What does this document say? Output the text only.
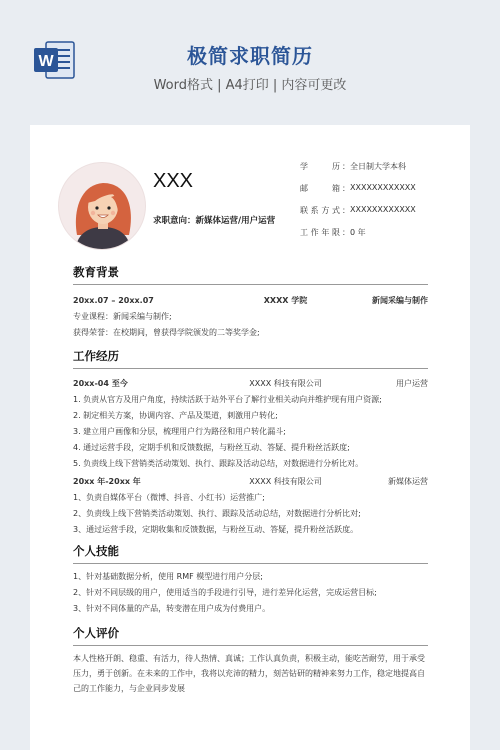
W	极简求职简历
Word格式 | A4打印 | 内容可更改
XXX
求职意向：新媒体运营/用户运营
学历 ： 全日制大学本科
邮箱 ： XXXXXXXXXXXX
联系方式 ： XXXXXXXXXXXX
工作年限 ： 0 年
教育背景
20xx.07 – 20xx.07	XXXX 学院	新闻采编与制作
专业课程：新闻采编与制作;
获得荣誉：在校期间，曾获得学院颁发的二等奖学金;
工作经历
20xx-04 至今	XXXX 科技有限公司	用户运营
1. 负责从官方及用户角度，持续活跃于站外平台了解行业相关动向并维护现有用户资源;
2. 制定相关方案，协调内容、产品及渠道，刺激用户转化;
3. 建立用户画像和分层，梳理用户行为路径和用户转化漏斗;
4. 通过运营手段，定期手机和反馈数据，与粉丝互动、答疑、提升粉丝活跃度;
5. 负责线上线下营销类活动策划、执行、跟踪及活动总结，对数据进行分析比对。
20xx 年-20xx 年	XXXX 科技有限公司	新媒体运营
1、负责自媒体平台（微博、抖音、小红书）运营推广;
2、负责线上线下营销类活动策划、执行、跟踪及活动总结，对数据进行分析比对;
3、通过运营手段，定期收集和反馈数据，与粉丝互动、答疑，提升粉丝活跃度。
个人技能
1、针对基础数据分析，使用 RMF 模型进行用户分层;
2、针对不同层级的用户，使用适当的手段进行引导，进行差异化运营，完成运营目标;
3、针对不同体量的产品，转变潜在用户成为付费用户。
个人评价
本人性格开朗、稳重、有活力，待人热情、真诚；工作认真负责，积极主动，能吃苦耐劳，用于承受压力，勇于创新。在未来的工作中，我将以充沛的精力，刻苦钻研的精神来努力工作，稳定地提高自己的工作能力，与企业同步发展
